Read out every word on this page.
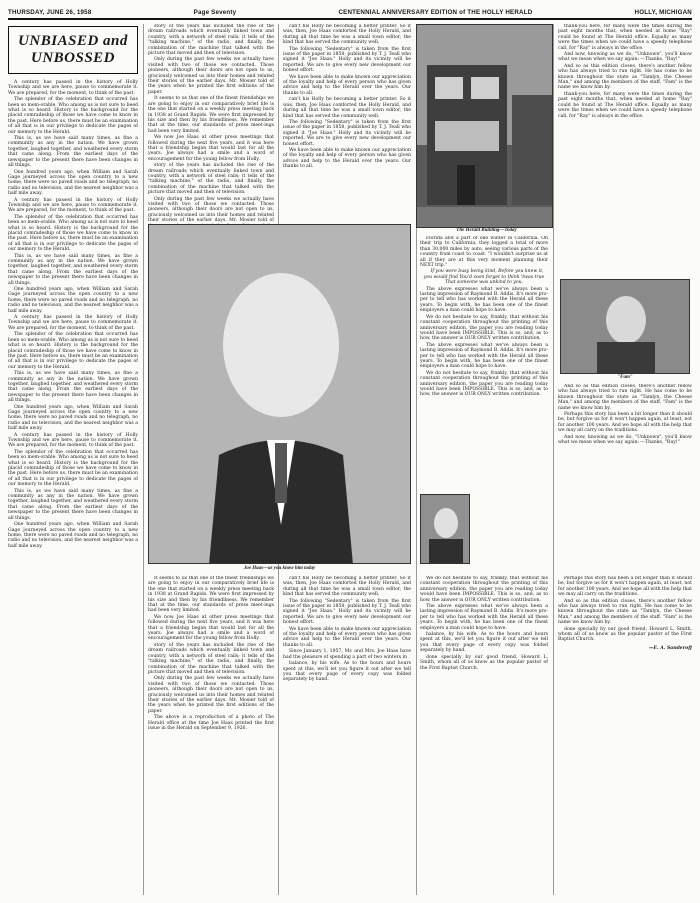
THURSDAY, JUNE 26, 1958	Page Seventy	CENTENNIAL ANNIVERSARY EDITION of THE HOLLY HERALD	HOLLY, MICHIGAN
UNBIASED and
UNBOSSED

A century has passed in the history of Holly Township and we are here, pause to commemorate it. We are prepared, for the moment, to think of the past.

The splendor of the celebration that occurred has been so mem-orable. Who among us is not sure to heed what is so heard. History is the background for the placid comradeship of those we have come to know in the past. Here before us, there must be an examination of all that is in our privilege to dedicate the pages of our memory to the Herald.

This is, as we have said many times, as fine a community as any in the nation. We have grown together, laughed together, and weathered every storm that came along. From the earliest days of the newspaper to the present there have been changes in all things.

One hundred years ago, when William and Sarah Gage journeyed across the open country to a new home, there were no paved roads and no telegraph, no radio and no television, and the nearest neighbor was a half mile away.

A century has passed in the history of Holly Township and we are here, pause to commemorate it. We are prepared, for the moment, to think of the past.

The splendor of the celebration that occurred has been so mem-orable. Who among us is not sure to heed what is so heard. History is the background for the placid comradeship of those we have come to know in the past. Here before us, there must be an examination of all that is in our privilege to dedicate the pages of our memory to the Herald.

This is, as we have said many times, as fine a community as any in the nation. We have grown together, laughed together, and weathered every storm that came along. From the earliest days of the newspaper to the present there have been changes in all things.

One hundred years ago, when William and Sarah Gage journeyed across the open country to a new home, there were no paved roads and no telegraph, no radio and no television, and the nearest neighbor was a half mile away.

A century has passed in the history of Holly Township and we are here, pause to commemorate it. We are prepared, for the moment, to think of the past.

The splendor of the celebration that occurred has been so mem-orable. Who among us is not sure to heed what is so heard. History is the background for the placid comradeship of those we have come to know in the past. Here before us, there must be an examination of all that is in our privilege to dedicate the pages of our memory to the Herald.

This is, as we have said many times, as fine a community as any in the nation. We have grown together, laughed together, and weathered every storm that came along. From the earliest days of the newspaper to the present there have been changes in all things.

One hundred years ago, when William and Sarah Gage journeyed across the open country to a new home, there were no paved roads and no telegraph, no radio and no television, and the nearest neighbor was a half mile away.

A century has passed in the history of Holly Township and we are here, pause to commemorate it. We are prepared, for the moment, to think of the past.

The splendor of the celebration that occurred has been so mem-orable. Who among us is not sure to heed what is so heard. History is the background for the placid comradeship of those we have come to know in the past. Here before us, there must be an examination of all that is in our privilege to dedicate the pages of our memory to the Herald.

This is, as we have said many times, as fine a community as any in the nation. We have grown together, laughed together, and weathered every storm that came along. From the earliest days of the newspaper to the present there have been changes in all things.

One hundred years ago, when William and Sarah Gage journeyed across the open country to a new home, there were no paved roads and no telegraph, no radio and no television, and the nearest neighbor was a half mile away.

story of the years has included the rise of the dream railroads which eventually linked town and country, with a network of steel rails; it tells of the "talking machine," of the radio, and finally, the combination of the machine that talked with the picture that moved and then of television.

Only during the past few weeks we actually have visited with two of those we contacted. Those pioneers, although their doors are not open to us, graciously welcomed us into their homes and related their stories of the earlier days. Mr. Mosier told of the years when he printed the first editions of the paper.

It seems to us that one of the finest friendships we are going to enjoy in our comparatively brief life is the one that started on a weekly press meeting back in 1938 at Grand Rapids. We were first impressed by his size and then by his friendliness. We remember that at the time, our standards of press meet-ings had been very limited.

We now Joe Haas at other press meetings that followed during the next five years, and it was here that a friendship began that would last for all the years. Joe always had a smile and a word of encouragement for the young fellow from Holly.

story of the years has included the rise of the dream railroads which eventually linked town and country, with a network of steel rails; it tells of the "talking machine," of the radio, and finally, the combination of the machine that talked with the picture that moved and then of television.

Only during the past few weeks we actually have visited with two of those we contacted. Those pioneers, although their doors are not open to us, graciously welcomed us into their homes and related their stories of the earlier days. Mr. Mosier told of

can't his Holly he becoming a better printer. So it was, then, Joe Haas comforted the Holly Herald, and during all that time he was a small town editor, the kind that has served the community well.

The following "Sedentary" is taken from the first issue of the paper in 1858, published by T. J. Teall who signed it "Joe Haas." Holly and its vicinity will be reported. We are to give every new development our honest effort.

We have been able to make known our appreciation of the loyalty and help of every person who has given advice and help to the Herald over the years. Our thanks to all.

can't his Holly he becoming a better printer. So it was, then, Joe Haas comforted the Holly Herald, and during all that time he was a small town editor, the kind that has served the community well.

The following "Sedentary" is taken from the first issue of the paper in 1858, published by T. J. Teall who signed it "Joe Haas." Holly and its vicinity will be reported. We are to give every new development our honest effort.

We have been able to make known our appreciation of the loyalty and help of every person who has given advice and help to the Herald over the years. Our thanks to all.

Florida and a part of one winter in California. On their trip to California, they logged a total of more than 30,000 miles by auto, seeing various parts of the country from coast to coast. "I wouldn't surprise us at all if they are at this very moment planning their NEXT trip."

If you were busy being kind, Before you knew it, you would find You'd soon forget to think 'twas true That someone was unkind to you.

The above expresses what we've always been a lasting impression of Raymond B. Addis. It's more pro-per to tell who has worked with the Herald all these years. To begin with, he has been one of the finest employers a man could hope to have.

We do not hesitate to say, frankly, that without his constant cooperation throughout the printing of this anniversary edition, the paper you are reading today would have been IMPOSSIBLE. This is so, and, as to how, the answer is OUR ONLY written contribution.

The above expresses what we've always been a lasting impression of Raymond B. Addis. It's more pro-per to tell who has worked with the Herald all these years. To begin with, he has been one of the finest employers a man could hope to have.

We do not hesitate to say, frankly, that without his constant cooperation throughout the printing of this anniversary edition, the paper you are reading today would have been IMPOSSIBLE. This is so, and, as to how, the answer is OUR ONLY written contribution.

The Herald Building—Today

thank-you here, for many were the times during the past eight months that, when needed at home "Ray" could be found at The Herald office. Equally as many were the times when we could have a speedy telephone call, for "Ray" is always in the office.

And now, knowing as we do, "Unknown", you'll know what we mean when we say again: —Thanks, "Ray!"

And so as this edition closes, there's another fellow who has always tried to run right. He has come to be known throughout the state as "Tamlyn, the Cheese Man," and among the members of the staff. "Fam" is the name we know him by.

thank-you here, for many were the times during the past eight months that, when needed at home "Ray" could be found at The Herald office. Equally as many were the times when we could have a speedy telephone call, for "Ray" is always in the office.

"Fam"

And so as this edition closes, there's another fellow who has always tried to run right. He has come to be known throughout the state as "Tamlyn, the Cheese Man," and among the members of the staff. "Fam" is the name we know him by.

Perhaps this story has been a bit longer than it should be, but forgive us for it won't happen again, at least, not for another 100 years. And we hope all with the help that we may all carry on the traditions.

And now, knowing as we do, "Unknown", you'll know what we mean when we say again: —Thanks, "Ray!"

Joe Haas—as you know him today

It seems to us that one of the finest friendships we are going to enjoy in our comparatively brief life is the one that started on a weekly press meeting back in 1938 at Grand Rapids. We were first impressed by his size and then by his friendliness. We remember that at the time, our standards of press meet-ings had been very limited.

We now Joe Haas at other press meetings that followed during the next five years, and it was here that a friendship began that would last for all the years. Joe always had a smile and a word of encouragement for the young fellow from Holly.

story of the years has included the rise of the dream railroads which eventually linked town and country, with a network of steel rails; it tells of the "talking machine," of the radio, and finally, the combination of the machine that talked with the picture that moved and then of television.

Only during the past few weeks we actually have visited with two of those we contacted. Those pioneers, although their doors are not open to us, graciously welcomed us into their homes and related their stories of the earlier days. Mr. Mosier told of the years when he printed the first editions of the paper.

The above is a reproduction of a photo of The Herald office at the time Joe Haas printed the first issue in the Herald on September 9, 1926.

can't his Holly he becoming a better printer. So it was, then, Joe Haas comforted the Holly Herald, and during all that time he was a small town editor, the kind that has served the community well.

The following "Sedentary" is taken from the first issue of the paper in 1858, published by T. J. Teall who signed it "Joe Haas." Holly and its vicinity will be reported. We are to give every new development our honest effort.

We have been able to make known our appreciation of the loyalty and help of every person who has given advice and help to the Herald over the years. Our thanks to all.

Since January 1, 1957, Mr. and Mrs. Joe Haas have had the pleasure of spending a part of two winters in

balance, by his wife. As to the hours and hours spent at this, we'll let you figure it out after we tell you that every page of every copy was folded separately by hand.

We do not hesitate to say, frankly, that without his constant cooperation throughout the printing of this anniversary edition, the paper you are reading today would have been IMPOSSIBLE. This is so, and, as to how, the answer is OUR ONLY written contribution.

The above expresses what we've always been a lasting impression of Raymond B. Addis. It's more pro-per to tell who has worked with the Herald all these years. To begin with, he has been one of the finest employers a man could hope to have.

balance, by his wife. As to the hours and hours spent at this, we'll let you figure it out after we tell you that every page of every copy was folded separately by hand.

done specially by our good friend, Howard L. Smith, whom all of us know as the popular pastor of the First Baptist Church.

Perhaps this story has been a bit longer than it should be, but forgive us for it won't happen again, at least, not for another 100 years. And we hope all with the help that we may all carry on the traditions.

And so as this edition closes, there's another fellow who has always tried to run right. He has come to be known throughout the state as "Tamlyn, the Cheese Man," and among the members of the staff. "Fam" is the name we know him by.

done specially by our good friend, Howard L. Smith, whom all of us know as the popular pastor of the First Baptist Church.

—E. A. Sanderoff
